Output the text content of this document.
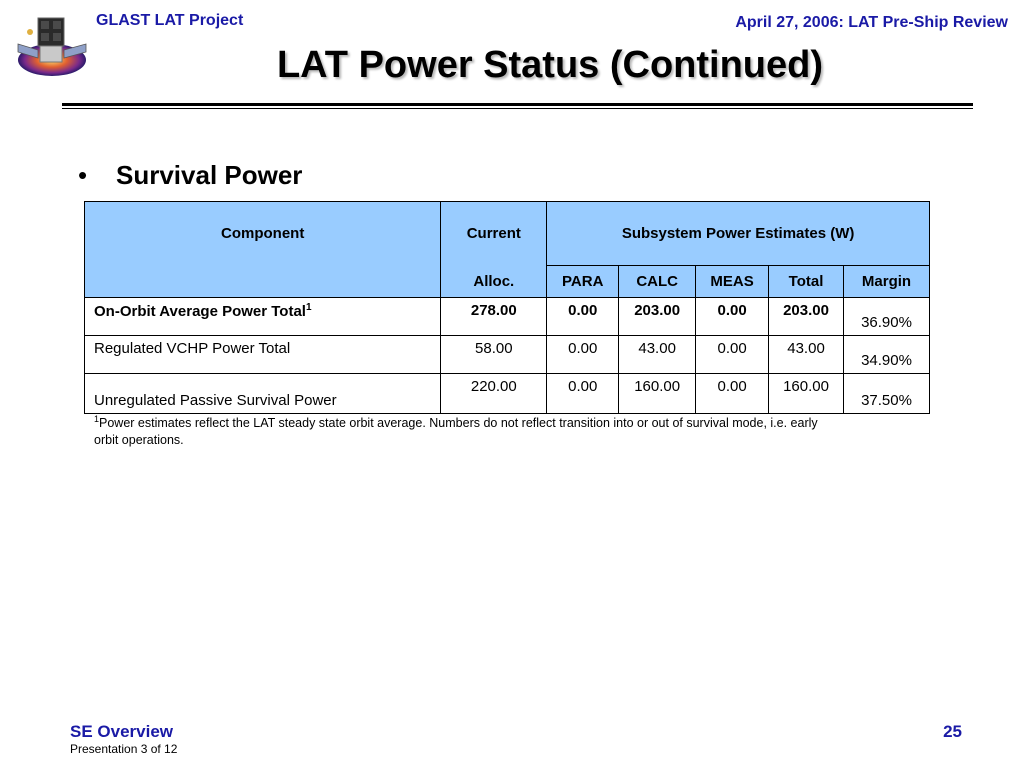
GLAST LAT Project	April 27, 2006: LAT Pre-Ship Review
LAT Power Status (Continued)
• Survival Power
Component	Current	Subsystem Power Estimates (W)				
	Alloc.	PARA	CALC	MEAS	Total	Margin
On-Orbit Average Power Total$^1$	278.00	0.00	203.00	0.00	203.00	36.90%
Regulated VCHP Power Total	58.00	0.00	43.00	0.00	43.00	34.90%
Unregulated Passive Survival Power	220.00	0.00	160.00	0.00	160.00	37.50%
$^1$Power estimates reflect the LAT steady state orbit average. Numbers do not reflect transition into or out of survival mode, i.e. early orbit operations.
SE Overview
Presentation 3 of 12
25
